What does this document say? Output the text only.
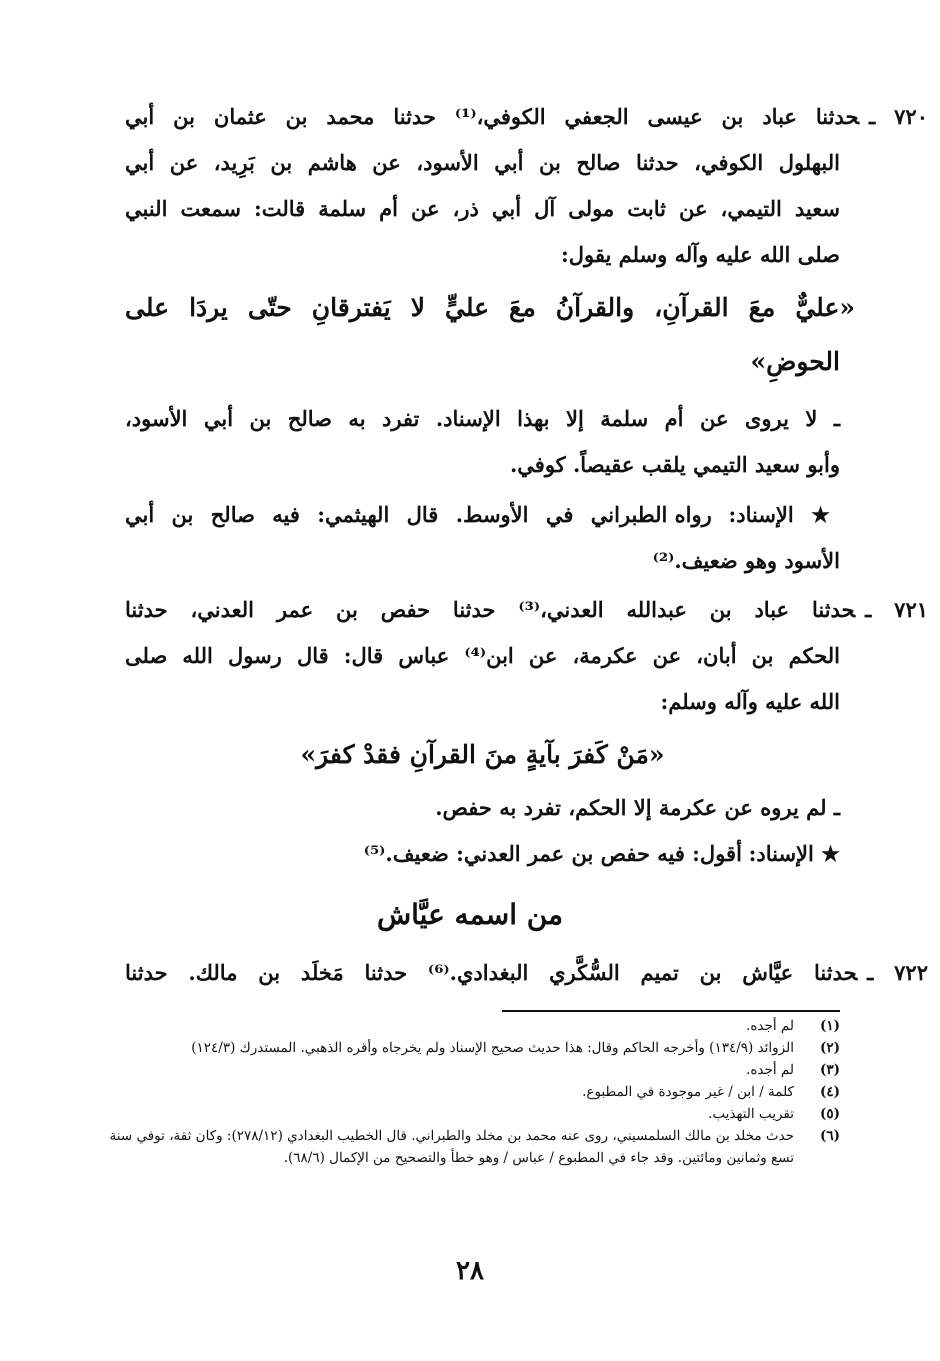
٧٢٠ ـحدثنا عباد بن عيسى الجعفي الكوفي،⁽¹⁾ حدثنا محمد بن عثمان بن أبي
البهلول الكوفي، حدثنا صالح بن أبي الأسود، عن هاشم بن بَرِيد، عن أبي
سعيد التيمي، عن ثابت مولى آل أبي ذر، عن أم سلمة قالت: سمعت النبي
صلى الله عليه وآله وسلم يقول:
«عليٌّ معَ القرآنِ، والقرآنُ معَ عليٍّ لا يَفترقانِ حتّى يردَا على
الحوضِ»
ـ لا يروى عن أم سلمة إلا بهذا الإسناد. تفرد به صالح بن أبي الأسود،
وأبو سعيد التيمي يلقب عقيصاً. كوفي.
★ الإسناد: رواه الطبراني في الأوسط. قال الهيثمي: فيه صالح بن أبي
الأسود وهو ضعيف.⁽²⁾
٧٢١ ـحدثنا عباد بن عبدالله العدني،⁽³⁾ حدثنا حفص بن عمر العدني، حدثنا
الحكم بن أبان، عن عكرمة، عن ابن⁽⁴⁾ عباس قال: قال رسول الله صلى
الله عليه وآله وسلم:
«مَنْ كَفرَ بآيةٍ منَ القرآنِ فقدْ كفرَ»
ـ لم يروه عن عكرمة إلا الحكم، تفرد به حفص.
★ الإسناد: أقول: فيه حفص بن عمر العدني: ضعيف.⁽⁵⁾
من اسمه عيَّاش
٧٢٢ ـحدثنا عيَّاش بن تميم السُّكَّري البغدادي.⁽⁶⁾ حدثنا مَخلَد بن مالك. حدثنا
(١)
لم أجده.
(٢)
الزوائد (١٣٤/٩) وأخرجه الحاكم وقال: هذا حديث صحيح الإسناد ولم يخرجاه وأقره الذهبي. المستدرك (١٢٤/٣)
(٣)
لم أجده.
(٤)
كلمة / ابن / غير موجودة في المطبوع.
(٥)
تقريب التهذيب.
(٦)
حدث مخلد بن مالك السلمسيني، روى عنه محمد بن مخلد والطبراني. قال الخطيب البغدادي (٢٧٨/١٢): وكان ثقة، توفي سنة تسع وثمانين ومائتين. وقد جاء في المطبوع / عباس / وهو خطأ والتصحيح من الإكمال (٦٨/٦).
٢٨
